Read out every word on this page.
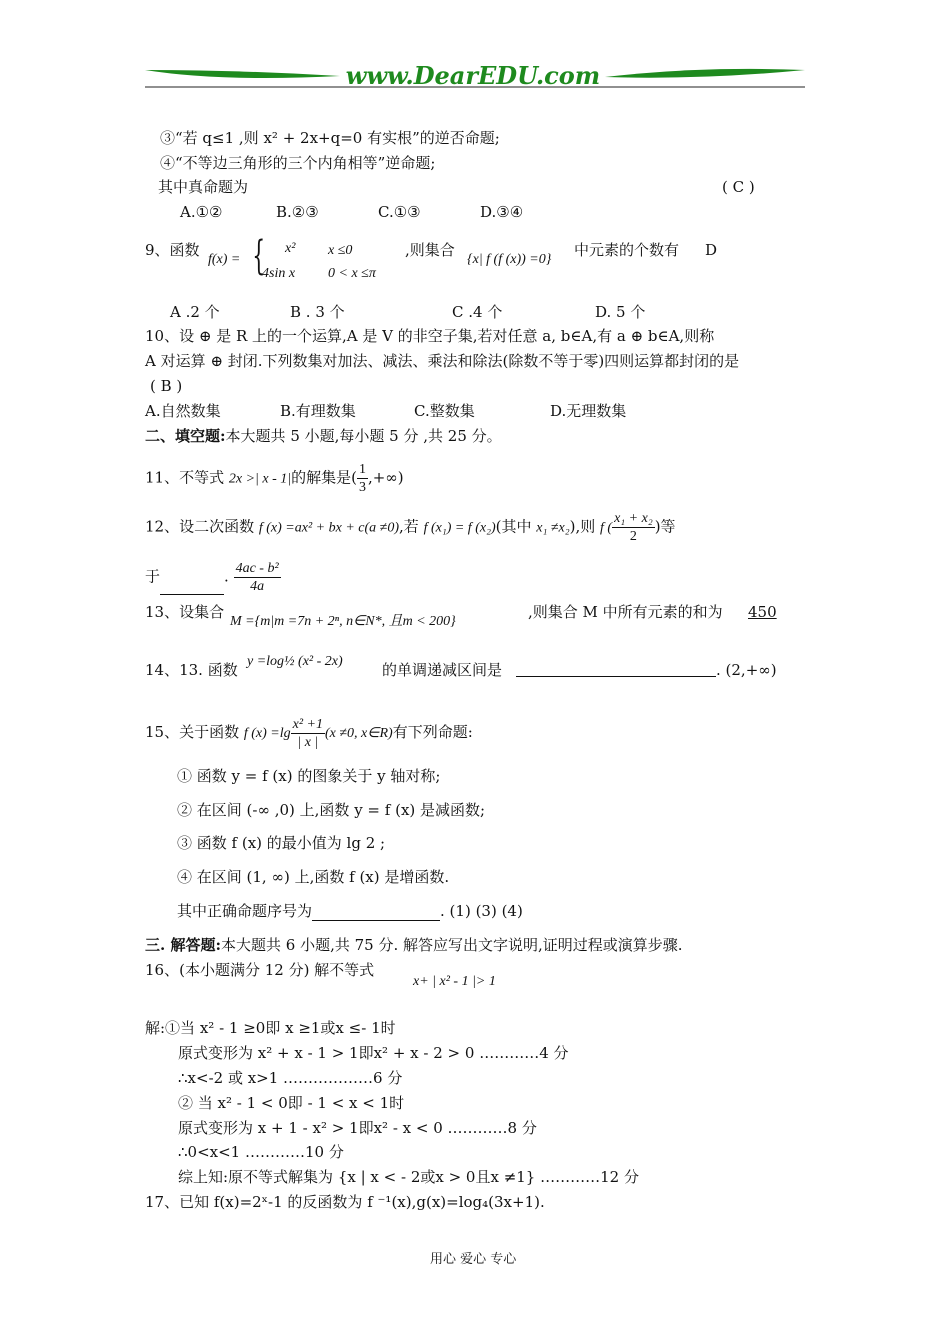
www.DearEDU.com
③“若 q≤1 ,则 x² + 2x+q=0 有实根”的逆否命题;
④“不等边三角形的三个内角相等”逆命题;
其中真命题为	( C )
A.①②	B.②③	C.①③	D.③④
9、函数
f(x) = { x² x ≤0
4sin x 0 < x ≤π
,则集合
{x| f (f (x)) =0}
中元素的个数有 D
A .2 个	B . 3 个	C .4 个	D. 5 个
10、设 ⊕ 是 R 上的一个运算,A 是 V 的非空子集,若对任意 a, b∈A,有 a ⊕ b∈A,则称
A 对运算 ⊕ 封闭.下列数集对加法、减法、乘法和除法(除数不等于零)四则运算都封闭的是
( B )
A.自然数集	B.有理数集	C.整数集	D.无理数集
二、填空题:本大题共 5 小题,每小题 5 分 ,共 25 分。
11、不等式 2x >| x - 1|的解集是( $\frac{1}{3}$ ,+∞)
12、设二次函数 f (x) =ax² + bx + c(a ≠0),若 f (x₁) = f (x₂)(其中 x₁ ≠x₂),则 f ( $\frac{\text{x₁ + x₂}}{2}$ )等
于	. $\frac{\text{4ac - b²}}{4a}$
13、设集合
M ={m|m =7n + 2ⁿ, n∈N*, 且m < 200}
,则集合 M 中所有元素的和为 450
14、13. 函数 y =log½ (x² - 2x)	的单调递减区间是	. (2,+∞)
15、关于函数 f $(x) =\lg \frac{\text{x² +1}}{| x |} (x \ne 0$, x∈R)有下列命题:
① 函数 y = f (x) 的图象关于 y 轴对称;
② 在区间 (-∞ ,0) 上,函数 y = f (x) 是减函数;
③ 函数 f (x) 的最小值为 lg 2 ;
④ 在区间 (1, ∞) 上,函数 f (x) 是增函数.
其中正确命题序号为	. (1) (3) (4)
三. 解答题:本大题共 6 小题,共 75 分. 解答应写出文字说明,证明过程或演算步骤.
16、(本小题满分 12 分) 解不等式
x+ | x² - 1 |> 1
解:①当 x² - 1 ≥0即 x ≥1或x ≤- 1时
原式变形为 x² + x - 1 > 1即x² + x - 2 > 0 …………4 分
∴x<-2 或 x>1 ………………6 分
② 当 x² - 1 < 0即 - 1 < x < 1时
原式变形为 x + 1 - x² > 1即x² - x < 0 …………8 分
∴0<x<1 …………10 分
综上知:原不等式解集为 {x | x < - 2或x > 0且x ≠1} …………12 分
17、已知 f(x)=2ˣ-1 的反函数为 f ⁻¹(x),g(x)=log₄(3x+1).
用心 爱心 专心
